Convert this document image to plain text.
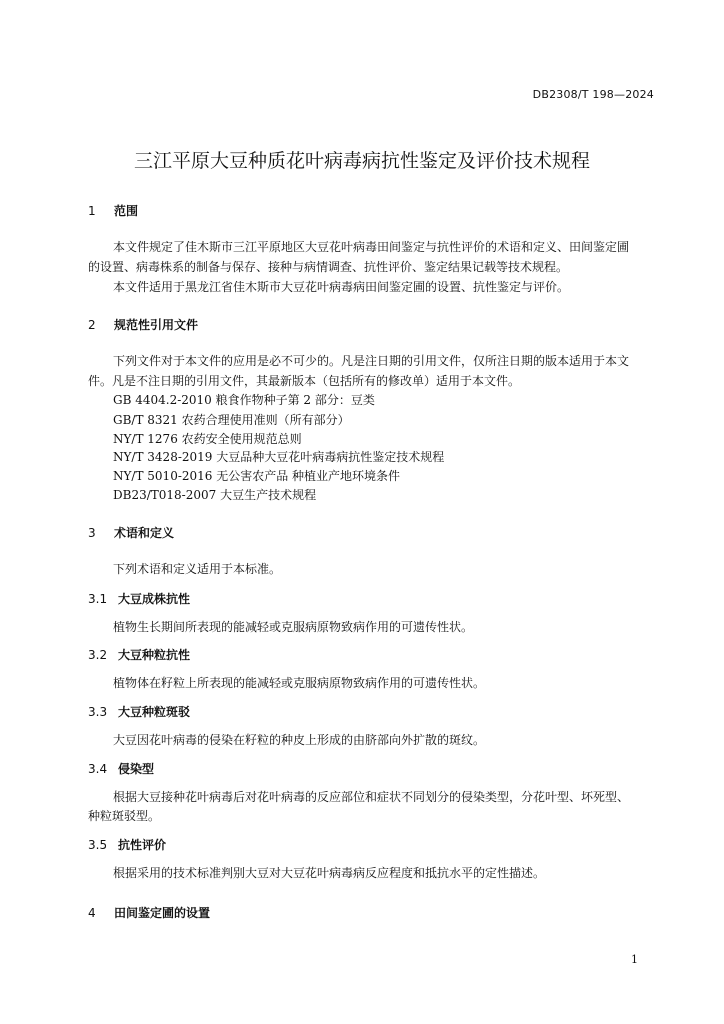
DB2308/T 198—2024
三江平原大豆种质花叶病毒病抗性鉴定及评价技术规程
1 范围
本文件规定了佳木斯市三江平原地区大豆花叶病毒田间鉴定与抗性评价的术语和定义、田间鉴定圃
的设置、病毒株系的制备与保存、接种与病情调查、抗性评价、鉴定结果记载等技术规程。
本文件适用于黑龙江省佳木斯市大豆花叶病毒病田间鉴定圃的设置、抗性鉴定与评价。
2 规范性引用文件
下列文件对于本文件的应用是必不可少的。凡是注日期的引用文件，仅所注日期的版本适用于本文
件。凡是不注日期的引用文件，其最新版本（包括所有的修改单）适用于本文件。
GB 4404.2-2010 粮食作物种子第 2 部分：豆类
GB/T 8321 农药合理使用准则（所有部分）
NY/T 1276 农药安全使用规范总则
NY/T 3428-2019 大豆品种大豆花叶病毒病抗性鉴定技术规程
NY/T 5010-2016 无公害农产品 种植业产地环境条件
DB23/T018-2007 大豆生产技术规程
3 术语和定义
下列术语和定义适用于本标准。
3.1 大豆成株抗性
植物生长期间所表现的能减轻或克服病原物致病作用的可遗传性状。
3.2 大豆种粒抗性
植物体在籽粒上所表现的能减轻或克服病原物致病作用的可遗传性状。
3.3 大豆种粒斑驳
大豆因花叶病毒的侵染在籽粒的种皮上形成的由脐部向外扩散的斑纹。
3.4 侵染型
根据大豆接种花叶病毒后对花叶病毒的反应部位和症状不同划分的侵染类型，分花叶型、坏死型、
种粒斑驳型。
3.5 抗性评价
根据采用的技术标准判别大豆对大豆花叶病毒病反应程度和抵抗水平的定性描述。
4 田间鉴定圃的设置
1
